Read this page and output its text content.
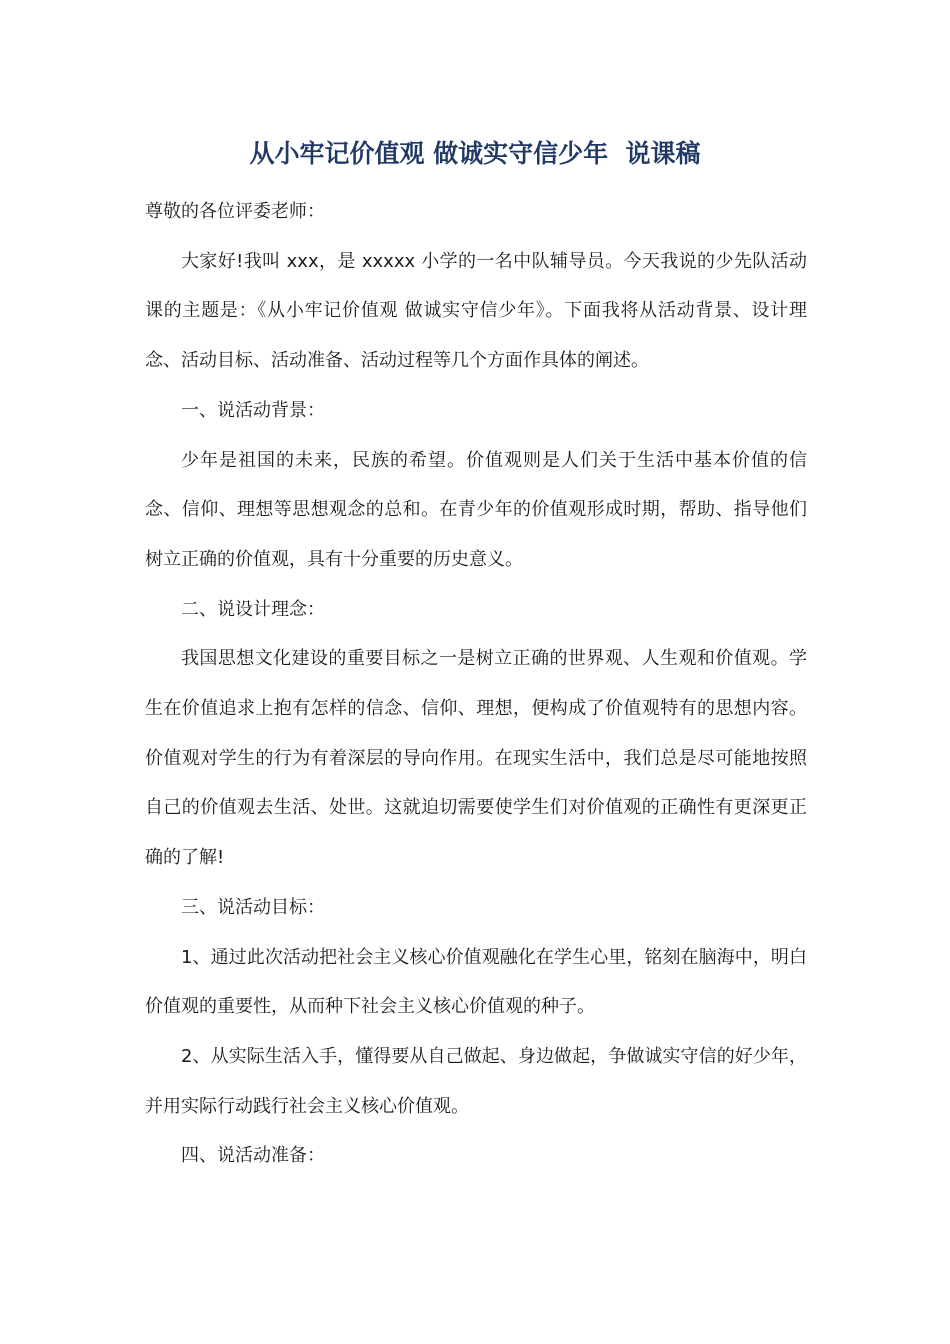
从小牢记价值观 做诚实守信少年  说课稿

尊敬的各位评委老师：

大家好!我叫 xxx，是 xxxxx 小学的一名中队辅导员。今天我说的少先队活动课的主题是：《从小牢记价值观 做诚实守信少年》。下面我将从活动背景、设计理念、活动目标、活动准备、活动过程等几个方面作具体的阐述。

一、说活动背景：

少年是祖国的未来，民族的希望。价值观则是人们关于生活中基本价值的信念、信仰、理想等思想观念的总和。在青少年的价值观形成时期，帮助、指导他们树立正确的价值观，具有十分重要的历史意义。

二、说设计理念：

我国思想文化建设的重要目标之一是树立正确的世界观、人生观和价值观。学生在价值追求上抱有怎样的信念、信仰、理想，便构成了价值观特有的思想内容。 价值观对学生的行为有着深层的导向作用。在现实生活中，我们总是尽可能地按照自己的价值观去生活、处世。这就迫切需要使学生们对价值观的正确性有更深更正确的了解!

三、说活动目标：

1、通过此次活动把社会主义核心价值观融化在学生心里，铭刻在脑海中，明白价值观的重要性，从而种下社会主义核心价值观的种子。

2、从实际生活入手，懂得要从自己做起、身边做起，争做诚实守信的好少年，并用实际行动践行社会主义核心价值观。

四、说活动准备：
